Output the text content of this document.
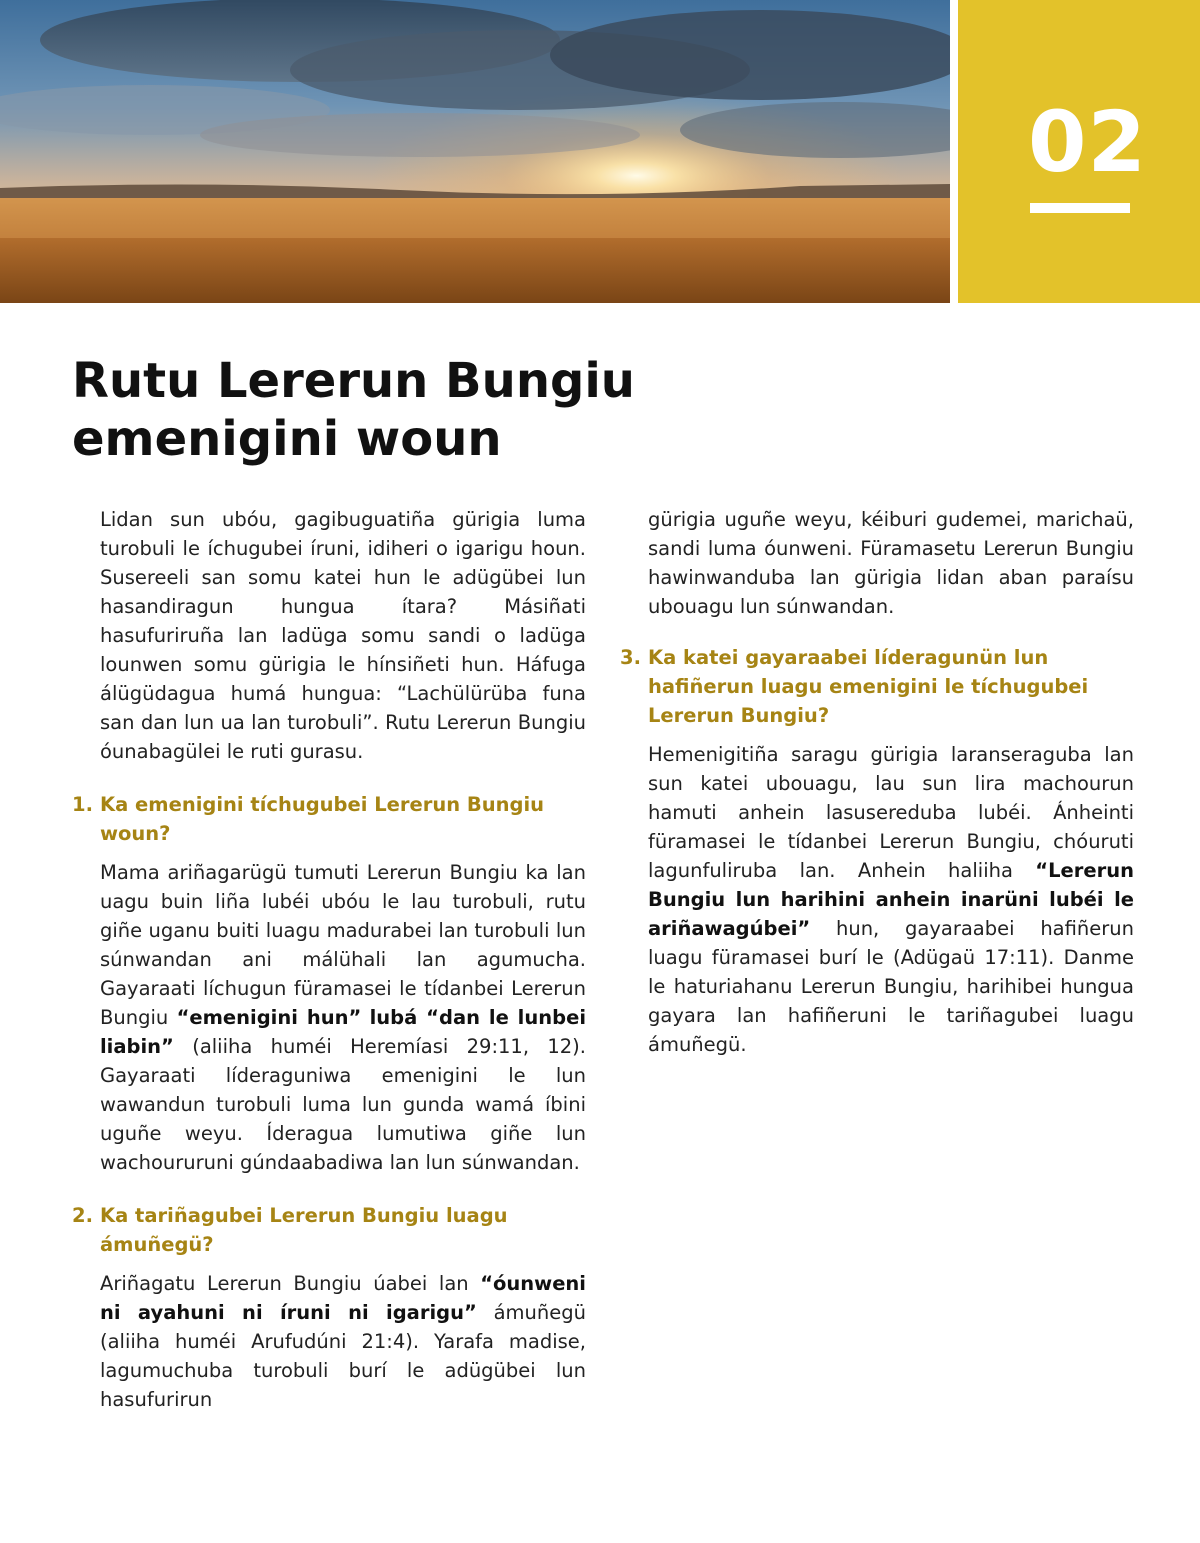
02
Rutu Lererun Bungiu
emenigini woun

Lidan sun ubóu, gagibuguatiña gürigia luma turobuli le íchugubei íruni, idiheri o igarigu houn. Susereeli san somu katei hun le adügübei lun hasandiragun hungua ítara? Másiñati hasufuriruña lan ladüga somu sandi o ladüga lounwen somu gürigia le hínsiñeti hun. Háfuga álügüdagua humá hungua: “Lachülürüba funa san dan lun ua lan turobuli”. Rutu Lererun Bungiu óunabagülei le ruti gurasu.

1. Ka emenigini tíchugubei Lererun Bungiu woun?

Mama ariñagarügü tumuti Lererun Bungiu ka lan uagu buin liña lubéi ubóu le lau turobuli, rutu giñe uganu buiti luagu madurabei lan turobuli lun súnwandan ani málühali lan agumucha. Gayaraati líchugun füramasei le tídanbei Lererun Bungiu “emenigini hun” lubá “dan le lunbei liabin” (aliiha huméi Heremíasi 29:11, 12). Gayaraati líderaguniwa emenigini le lun wawandun turobuli luma lun gunda wamá íbini uguñe weyu. Íderagua lumutiwa giñe lun wachoururuni gúndaabadiwa lan lun súnwandan.

2. Ka tariñagubei Lererun Bungiu luagu ámuñegü?

Ariñagatu Lererun Bungiu úabei lan “óunweni ni ayahuni ni íruni ni igarigu” ámuñegü (aliiha huméi Arufudúni 21:4). Yarafa madise, lagumuchuba turobuli burí le adügübei lun hasufurirun

gürigia uguñe weyu, kéiburi gudemei, marichaü, sandi luma óunweni. Füramasetu Lererun Bungiu hawinwanduba lan gürigia lidan aban paraísu ubouagu lun súnwandan.

3. Ka katei gayaraabei líderagunün lun hafiñerun luagu emenigini le tíchugubei Lererun Bungiu?

Hemenigitiña saragu gürigia laranseraguba lan sun katei ubouagu, lau sun lira machourun hamuti anhein lasusereduba lubéi. Ánheinti füramasei le tídanbei Lererun Bungiu, chóuruti lagunfuliruba lan. Anhein haliiha “Lererun Bungiu lun harihini anhein inarüni lubéi le ariñawagúbei” hun, gayaraabei hafiñerun luagu füramasei burí le (Adügaü 17:11). Danme le haturiahanu Lererun Bungiu, harihibei hungua gayara lan hafiñeruni le tariñagubei luagu ámuñegü.
